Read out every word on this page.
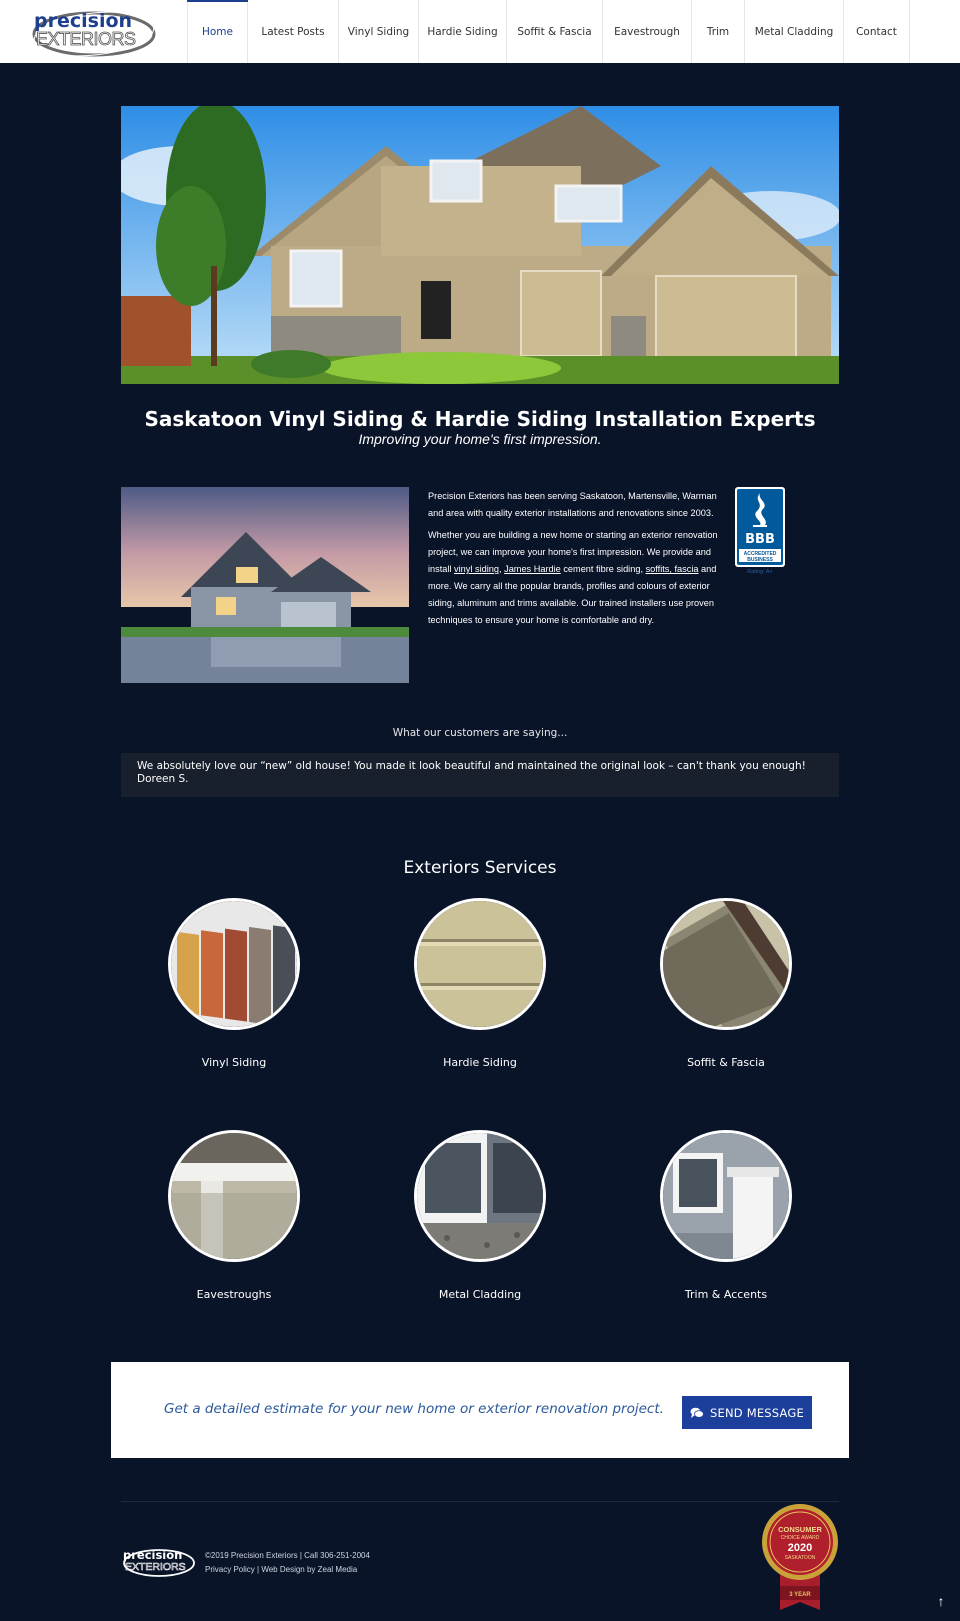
precision
EXTERIORS	Home	Latest Posts	Vinyl Siding	Hardie Siding	Soffit & Fascia	Eavestrough	Trim	Metal Cladding	Contact
Saskatoon Vinyl Siding & Hardie Siding Installation Experts
Improving your home's first impression.

Precision Exteriors has been serving Saskatoon, Martensville, Warman and area with quality exterior installations and renovations since 2003.

Whether you are building a new home or starting an exterior renovation project, we can improve your home's first impression. We provide and install vinyl siding, James Hardie cement fibre siding, soffits, fascia and more. We carry all the popular brands, profiles and colours of exterior siding, aluminum and trims available. Our trained installers use proven techniques to ensure your home is comfortable and dry.

BBB
ACCREDITED
BUSINESS
Rating: A+
What our customers are saying...
We absolutely love our “new” old house! You made it look beautiful and maintained the original look – can't thank you enough!
Doreen S.
Exteriors Services
Vinyl Siding	Hardie Siding	Soffit & Fascia
Eavestroughs	Metal Cladding	Trim & Accents
Get a detailed estimate for your new home or exterior renovation project.	SEND MESSAGE
precision
EXTERIORS
©2019 Precision Exteriors | Call 306-251-2004
Privacy Policy | Web Design by Zeal Media
3 YEAR
CONSUMER
CHOICE AWARD
2020
SASKATOON
↑
